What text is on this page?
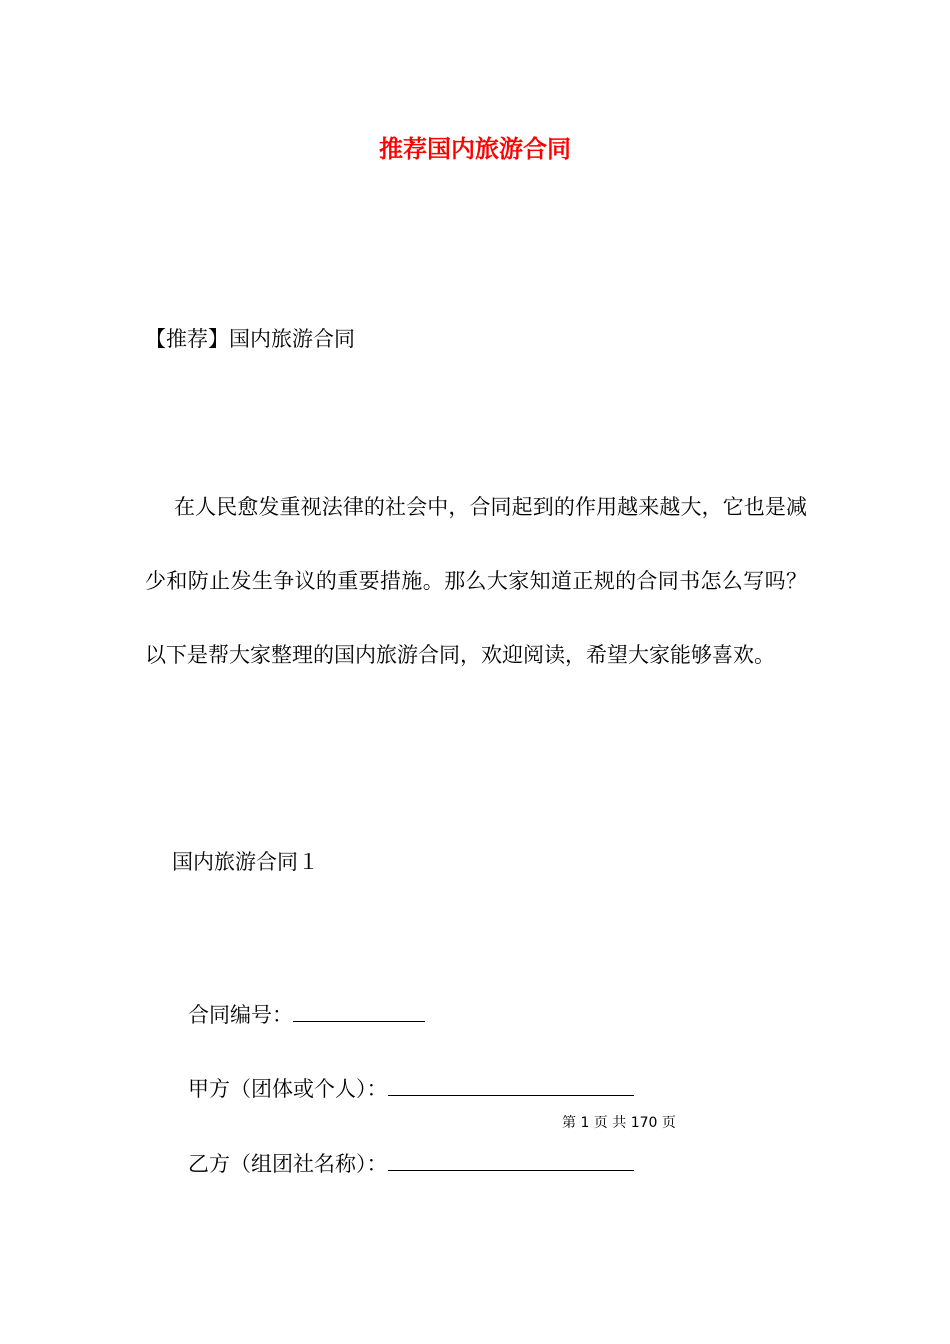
推荐国内旅游合同
【推荐】国内旅游合同

在人民愈发重视法律的社会中，合同起到的作用越来越大，它也是减少和防止发生争议的重要措施。那么大家知道正规的合同书怎么写吗？以下是帮大家整理的国内旅游合同，欢迎阅读，希望大家能够喜欢。

国内旅游合同１
合同编号：
甲方（团体或个人）：
第 1 页 共 170 页
乙方（组团社名称）：
